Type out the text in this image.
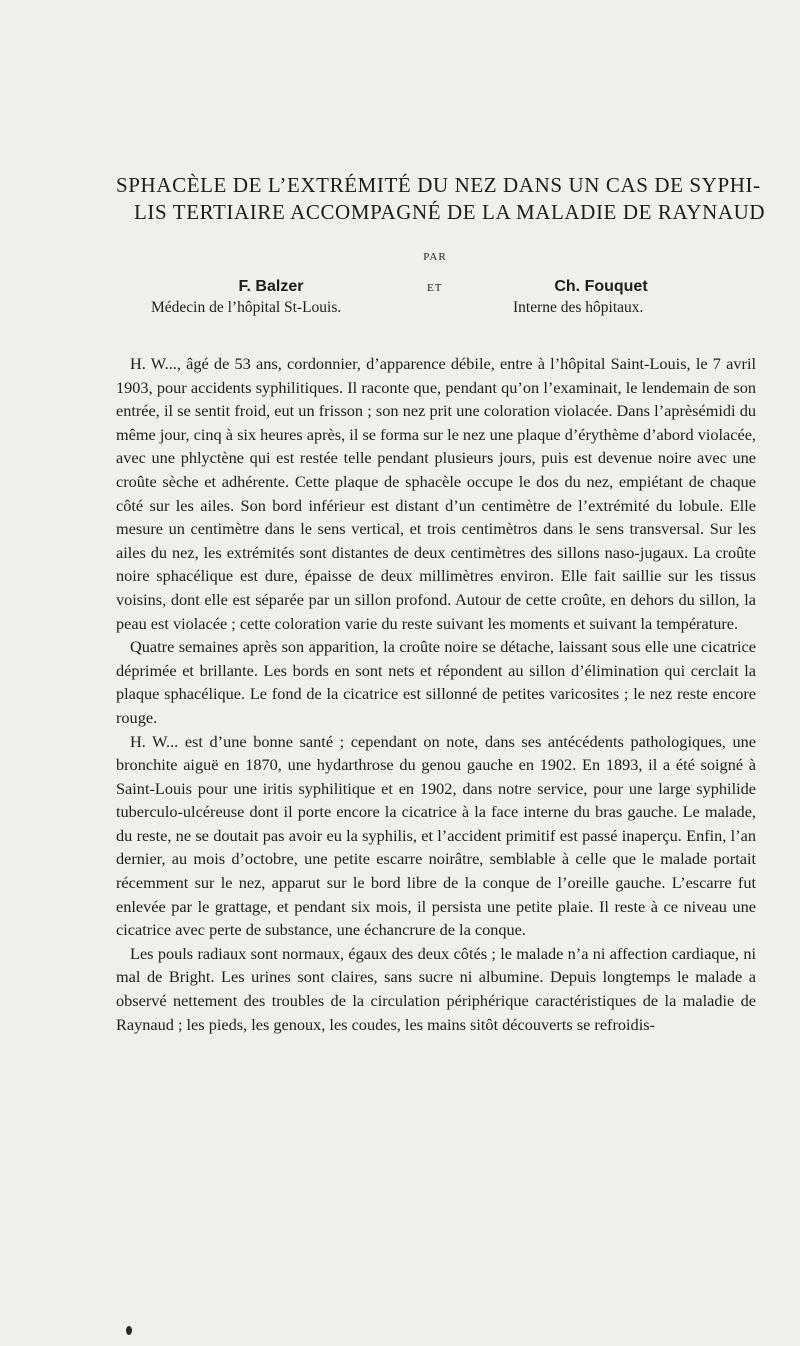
SPHACÈLE DE L’EXTRÉMITÉ DU NEZ DANS UN CAS DE SYPHI-
LIS TERTIAIRE ACCOMPAGNÉ DE LA MALADIE DE RAYNAUD
PAR
F. Balzer
Médecin de l’hôpital St-Louis.
ET	Ch. Fouquet
Interne des hôpitaux.

H. W..., âgé de 53 ans, cordonnier, d’apparence débile, entre à l’hôpital Saint-Louis, le 7 avril 1903, pour accidents syphilitiques. Il raconte que, pendant qu’on l’examinait, le lendemain de son entrée, il se sentit froid, eut un frisson ; son nez prit une coloration violacée. Dans l’aprèsémidi du même jour, cinq à six heures après, il se forma sur le nez une plaque d’érythème d’abord violacée, avec une phlyctène qui est restée telle pendant plusieurs jours, puis est devenue noire avec une croûte sèche et adhérente. Cette plaque de sphacèle occupe le dos du nez, empiétant de chaque côté sur les ailes. Son bord inférieur est distant d’un centimètre de l’extrémité du lobule. Elle mesure un centimètre dans le sens vertical, et trois centimètros dans le sens transversal. Sur les ailes du nez, les extrémités sont distantes de deux centimètres des sillons naso-jugaux. La croûte noire sphacélique est dure, épaisse de deux millimètres environ. Elle fait saillie sur les tissus voisins, dont elle est séparée par un sillon profond. Autour de cette croûte, en dehors du sillon, la peau est violacée ; cette coloration varie du reste suivant les moments et suivant la température.

Quatre semaines après son apparition, la croûte noire se détache, laissant sous elle une cicatrice déprimée et brillante. Les bords en sont nets et répondent au sillon d’élimination qui cerclait la plaque sphacélique. Le fond de la cicatrice est sillonné de petites varicosites ; le nez reste encore rouge.

H. W... est d’une bonne santé ; cependant on note, dans ses antécédents pathologiques, une bronchite aiguë en 1870, une hydarthrose du genou gauche en 1902. En 1893, il a été soigné à Saint-Louis pour une iritis syphilitique et en 1902, dans notre service, pour une large syphilide tuberculo-ulcéreuse dont il porte encore la cicatrice à la face interne du bras gauche. Le malade, du reste, ne se doutait pas avoir eu la syphilis, et l’accident primitif est passé inaperçu. Enfin, l’an dernier, au mois d’octobre, une petite escarre noirâtre, semblable à celle que le malade portait récemment sur le nez, apparut sur le bord libre de la conque de l’oreille gauche. L’escarre fut enlevée par le grattage, et pendant six mois, il persista une petite plaie. Il reste à ce niveau une cicatrice avec perte de substance, une échancrure de la conque.

Les pouls radiaux sont normaux, égaux des deux côtés ; le malade n’a ni affection cardiaque, ni mal de Bright. Les urines sont claires, sans sucre ni albumine. Depuis longtemps le malade a observé nettement des troubles de la circulation périphérique caractéristiques de la maladie de Raynaud ; les pieds, les genoux, les coudes, les mains sitôt découverts se refroidis-
